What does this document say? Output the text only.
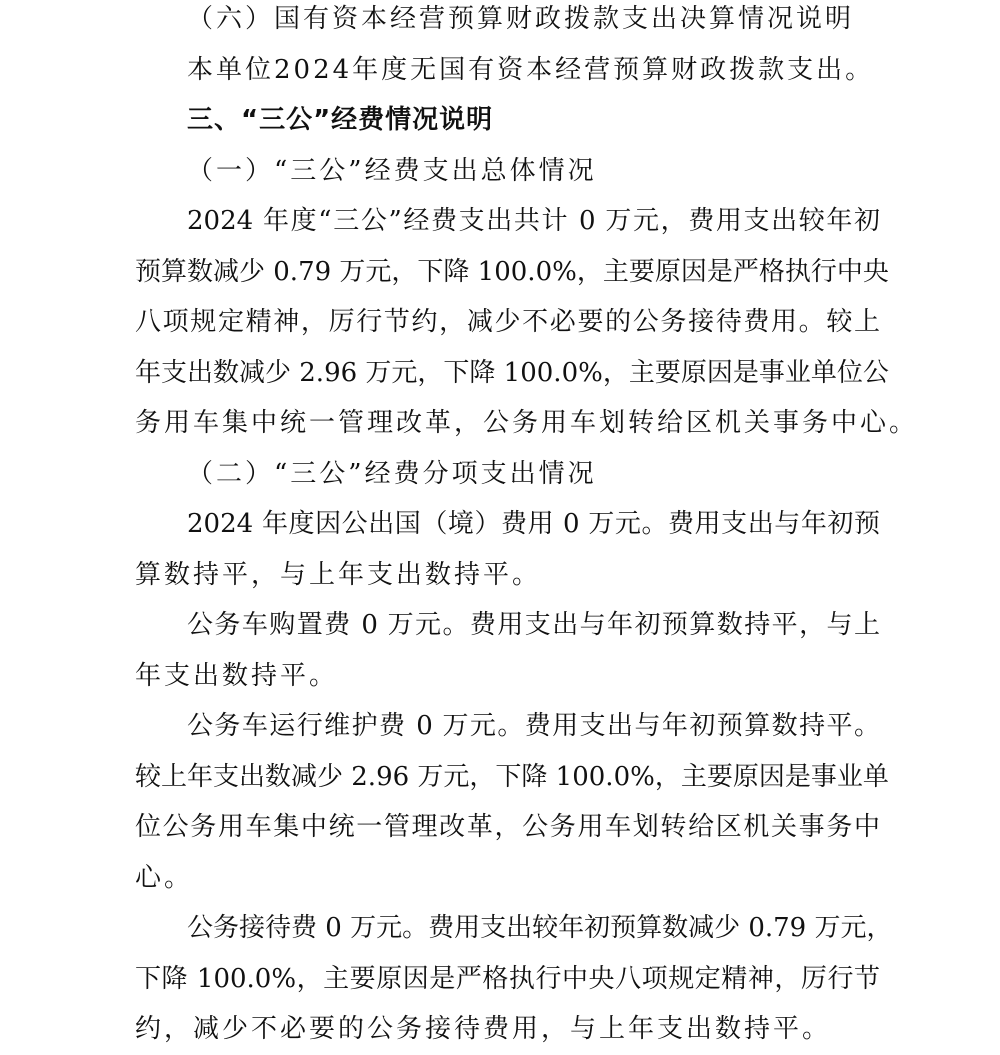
（六）国有资本经营预算财政拨款支出决算情况说明
本单位2024年度无国有资本经营预算财政拨款支出。
三、“三公”经费情况说明
（一）“三公”经费支出总体情况
2024 年度“三公”经费支出共计 0 万元，费用支出较年初
预算数减少 0.79 万元，下降 100.0%，主要原因是严格执行中央
八项规定精神，厉行节约，减少不必要的公务接待费用。较上
年支出数减少 2.96 万元，下降 100.0%，主要原因是事业单位公
务用车集中统一管理改革，公务用车划转给区机关事务中心。
（二）“三公”经费分项支出情况
2024 年度因公出国（境）费用 0 万元。费用支出与年初预
算数持平，与上年支出数持平。
公务车购置费 0 万元。费用支出与年初预算数持平，与上
年支出数持平。
公务车运行维护费 0 万元。费用支出与年初预算数持平。
较上年支出数减少 2.96 万元，下降 100.0%，主要原因是事业单
位公务用车集中统一管理改革，公务用车划转给区机关事务中
心。
公务接待费 0 万元。费用支出较年初预算数减少 0.79 万元，
下降 100.0%，主要原因是严格执行中央八项规定精神，厉行节
约，减少不必要的公务接待费用，与上年支出数持平。
